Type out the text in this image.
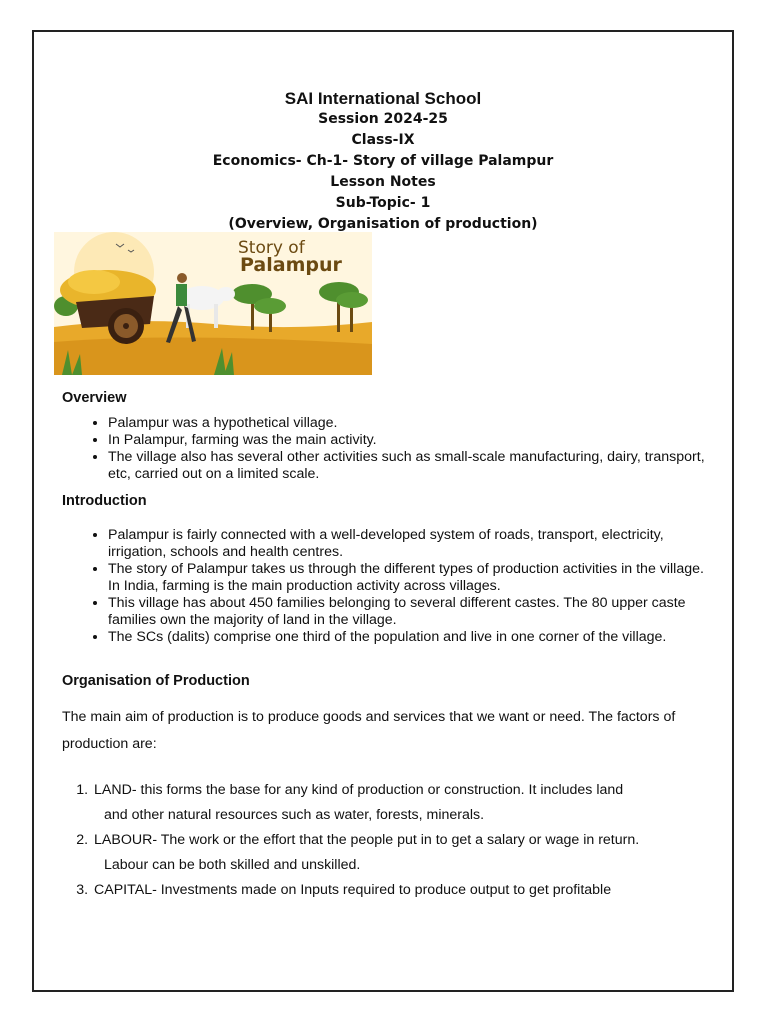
SAI International School
Session 2024-25
Class-IX
Economics- Ch-1- Story of village Palampur
Lesson Notes
Sub-Topic- 1
(Overview, Organisation of production)
Story of
Palampur
Overview
• Palampur was a hypothetical village.
• In Palampur, farming was the main activity.
• The village also has several other activities such as small-scale manufacturing, dairy, transport, etc, carried out on a limited scale.
Introduction
• Palampur is fairly connected with a well-developed system of roads, transport, electricity, irrigation, schools and health centres.
• The story of Palampur takes us through the different types of production activities in the village. In India, farming is the main production activity across villages.
• This village has about 450 families belonging to several different castes. The 80 upper caste families own the majority of land in the village.
• The SCs (dalits) comprise one third of the population and live in one corner of the village.
Organisation of Production

The main aim of production is to produce goods and services that we want or need. The factors of production are:

1. LAND- this forms the base for any kind of production or construction. It includes land
and other natural resources such as water, forests, minerals.
2. LABOUR- The work or the effort that the people put in to get a salary or wage in return.
Labour can be both skilled and unskilled.
3. CAPITAL- Investments made on Inputs required to produce output to get profitable
